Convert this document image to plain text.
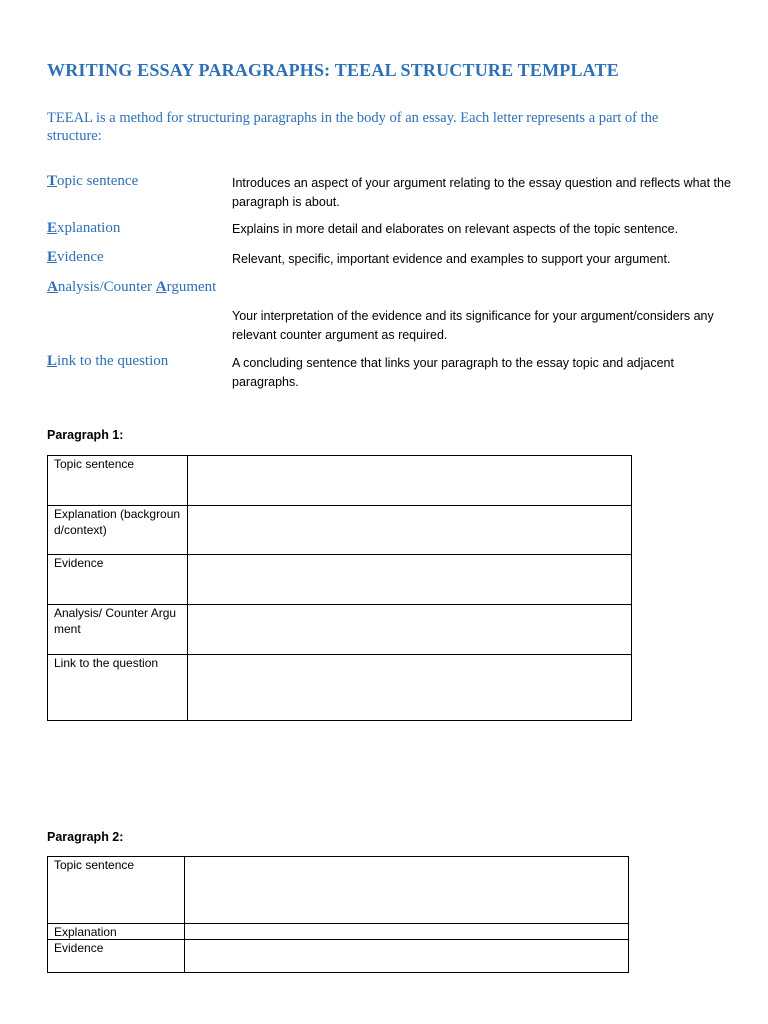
WRITING ESSAY PARAGRAPHS: TEEAL STRUCTURE TEMPLATE
TEEAL is a method for structuring paragraphs in the body of an essay. Each letter represents a part of the structure:
Topic sentence	Introduces an aspect of your argument relating to the essay question and reflects what the paragraph is about.
Explanation	Explains in more detail and elaborates on relevant aspects of the topic sentence.
Evidence	Relevant, specific, important evidence and examples to support your argument.
Analysis/Counter Argument
Your interpretation of the evidence and its significance for your argument/considers any relevant counter argument as required.
Link to the question	A concluding sentence that links your paragraph to the essay topic and adjacent paragraphs.
Paragraph 1:
Topic sentence	
Explanation (background/context)	
Evidence	
Analysis/ Counter Argument	
Link to the question	
Paragraph 2:
Topic sentence	
Explanation	
Evidence	
